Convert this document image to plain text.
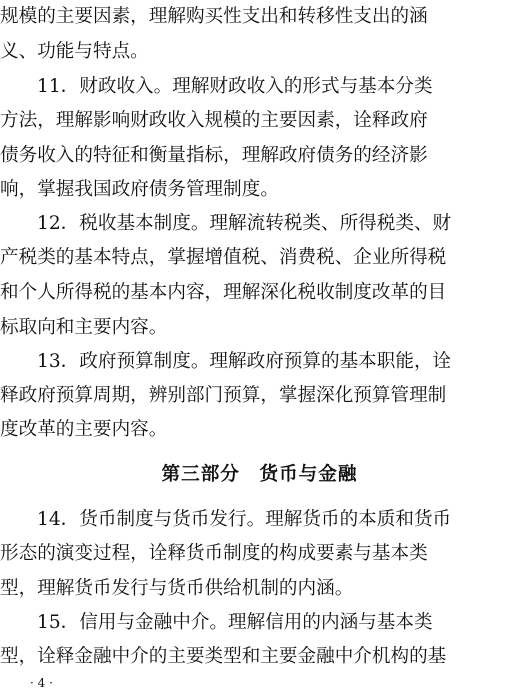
规模的主要因素，理解购买性支出和转移性支出的涵
义、功能与特点。
11．财政收入。理解财政收入的形式与基本分类
方法，理解影响财政收入规模的主要因素，诠释政府
债务收入的特征和衡量指标，理解政府债务的经济影
响，掌握我国政府债务管理制度。
12．税收基本制度。理解流转税类、所得税类、财
产税类的基本特点，掌握增值税、消费税、企业所得税
和个人所得税的基本内容，理解深化税收制度改革的目
标取向和主要内容。
13．政府预算制度。理解政府预算的基本职能，诠
释政府预算周期，辨别部门预算，掌握深化预算管理制
度改革的主要内容。
第三部分　货币与金融
14．货币制度与货币发行。理解货币的本质和货币
形态的演变过程，诠释货币制度的构成要素与基本类
型，理解货币发行与货币供给机制的内涵。
15．信用与金融中介。理解信用的内涵与基本类
型，诠释金融中介的主要类型和主要金融中介机构的基
· 4 ·
